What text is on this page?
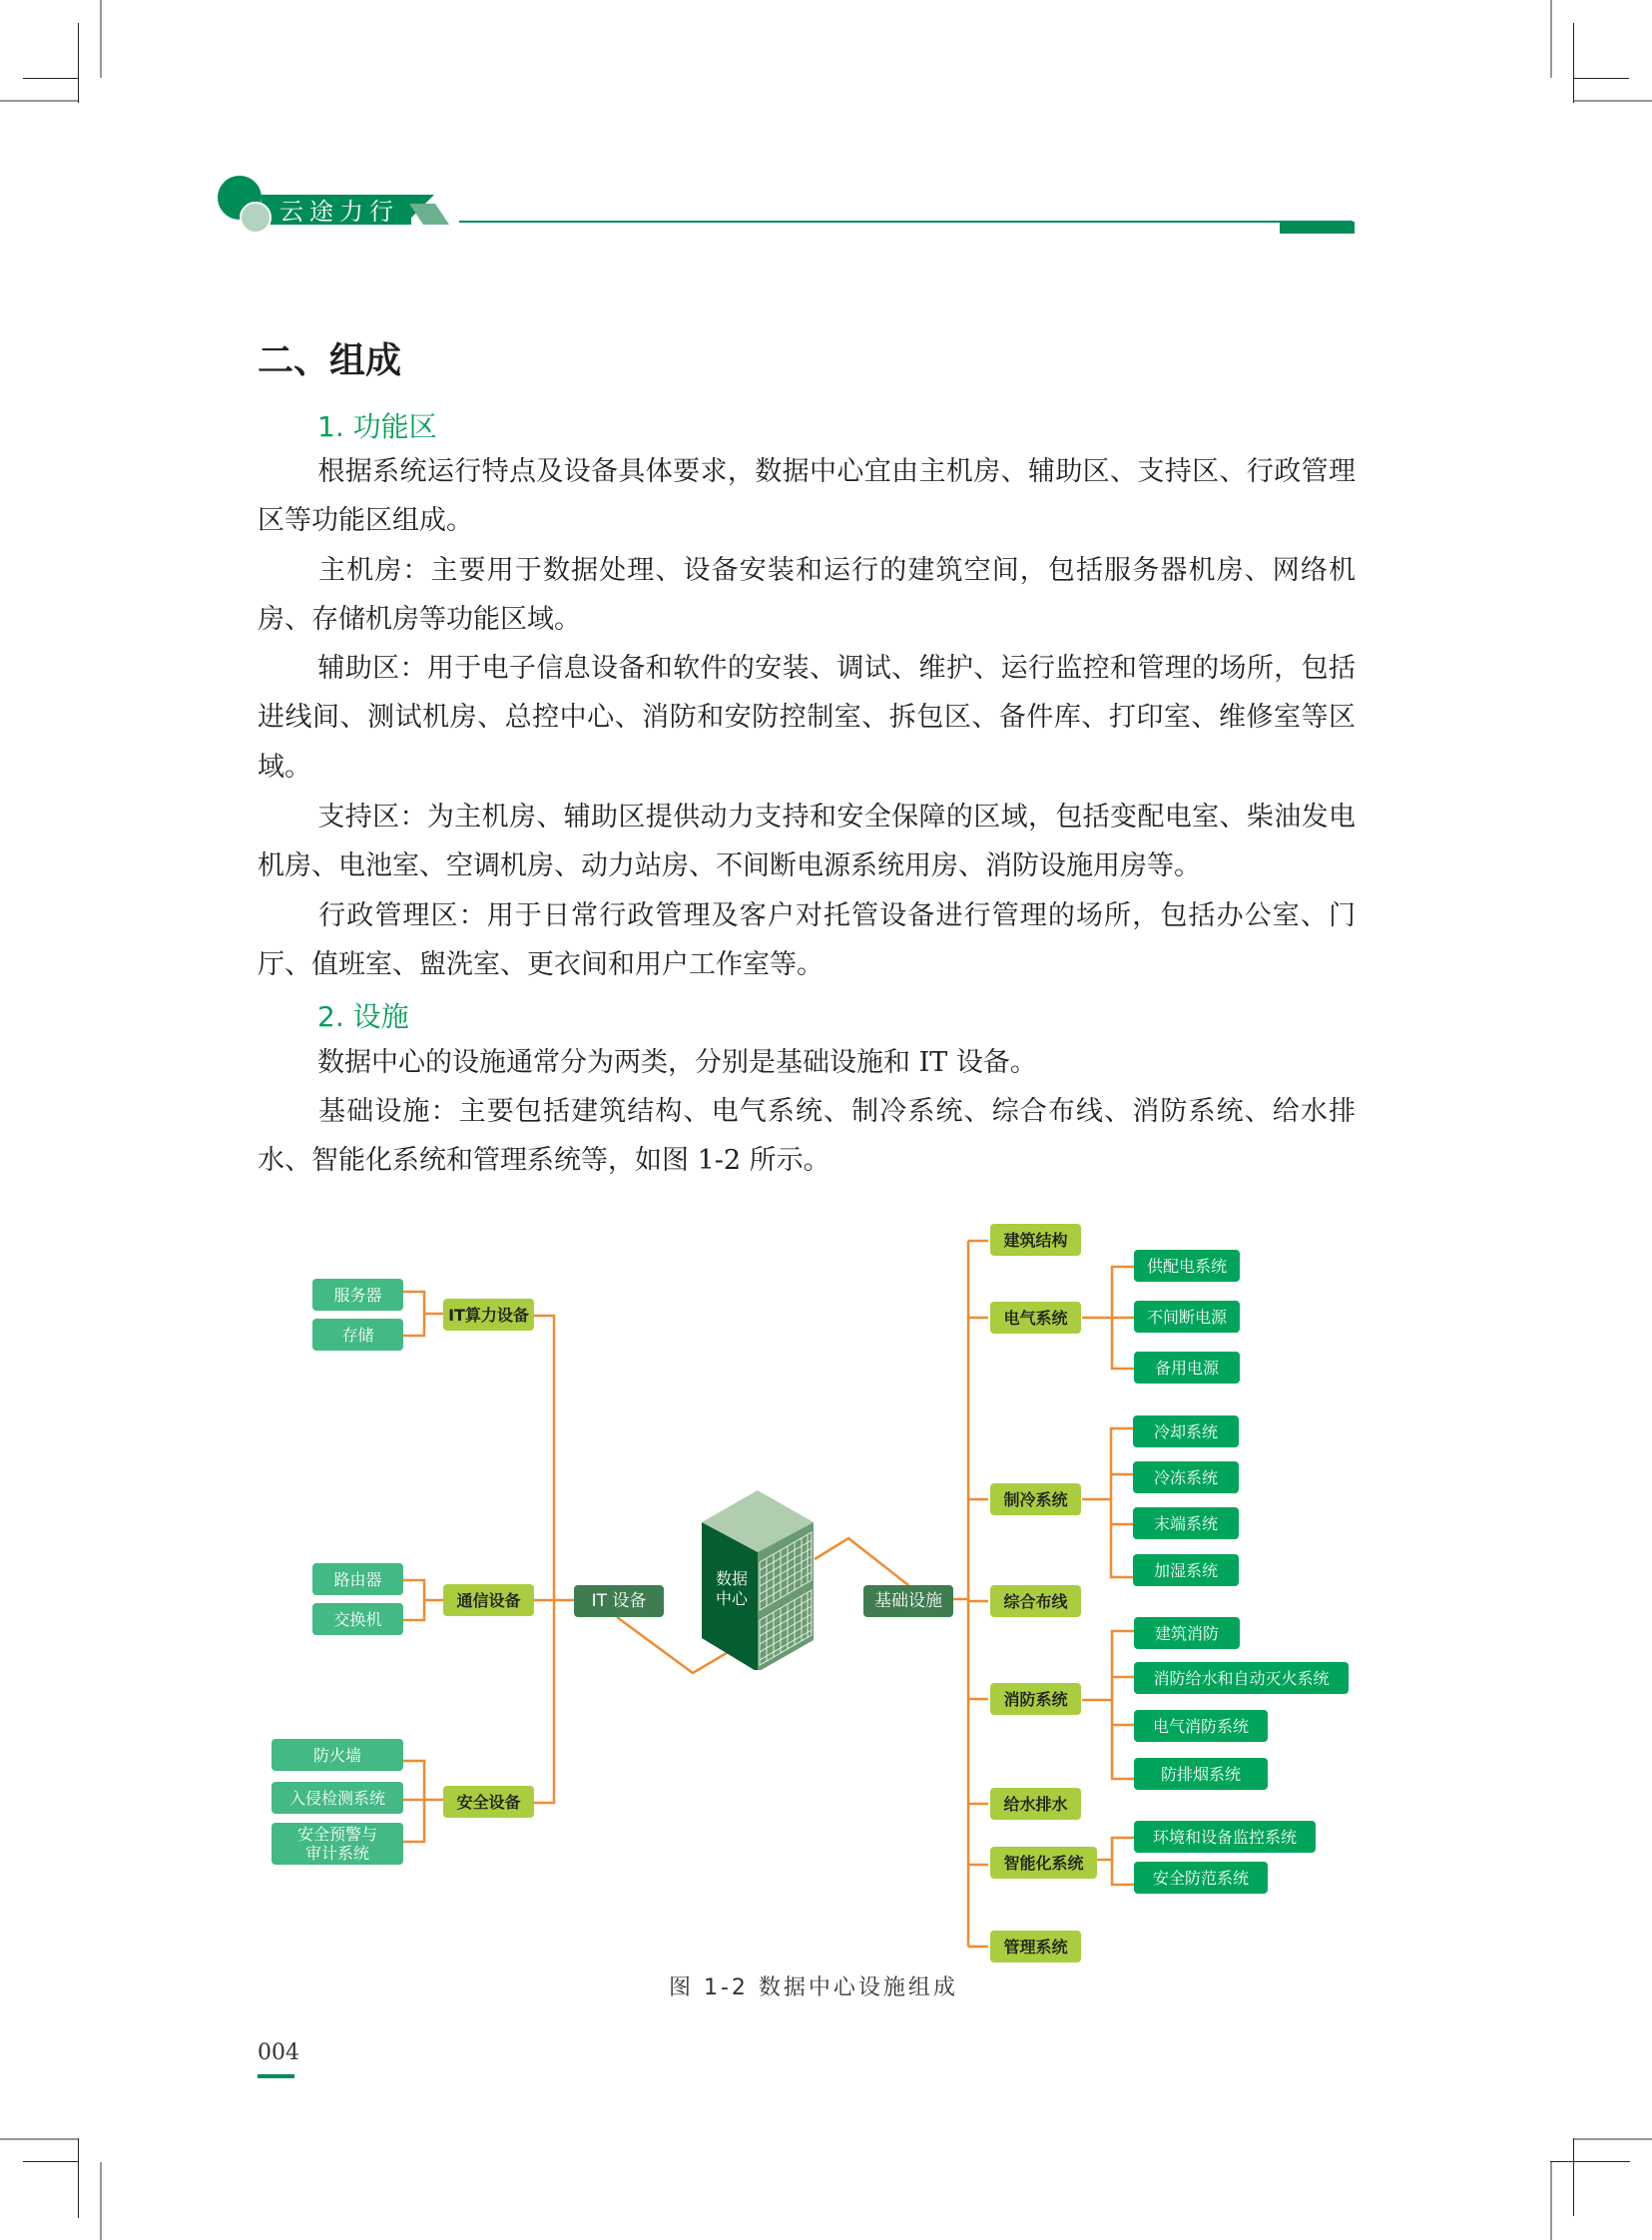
云途力行
二、组成
1. 功能区
根据系统运行特点及设备具体要求，数据中心宜由主机房、辅助区、支持区、行政管理区等功能区组成。
主机房：主要用于数据处理、设备安装和运行的建筑空间，包括服务器机房、网络机房、存储机房等功能区域。
辅助区：用于电子信息设备和软件的安装、调试、维护、运行监控和管理的场所，包括进线间、测试机房、总控中心、消防和安防控制室、拆包区、备件库、打印室、维修室等区域。
支持区：为主机房、辅助区提供动力支持和安全保障的区域，包括变配电室、柴油发电机房、电池室、空调机房、动力站房、不间断电源系统用房、消防设施用房等。
行政管理区：用于日常行政管理及客户对托管设备进行管理的场所，包括办公室、门厅、值班室、盥洗室、更衣间和用户工作室等。
2. 设施
数据中心的设施通常分为两类，分别是基础设施和 IT 设备。
基础设施：主要包括建筑结构、电气系统、制冷系统、综合布线、消防系统、给水排水、智能化系统和管理系统等，如图 1-2 所示。
数据
中心
IT 设备	基础设施
IT算力设备
通信设备
安全设备
服务器
存储
路由器
交换机
防火墙
入侵检测系统
安全预警与
审计系统
建筑结构
电气系统
制冷系统
综合布线
消防系统
给水排水
智能化系统
管理系统
供配电系统
不间断电源
备用电源
冷却系统
冷冻系统
末端系统
加湿系统
建筑消防
消防给水和自动灭火系统
电气消防系统
防排烟系统
环境和设备监控系统
安全防范系统
图 1-2 数据中心设施组成
004
